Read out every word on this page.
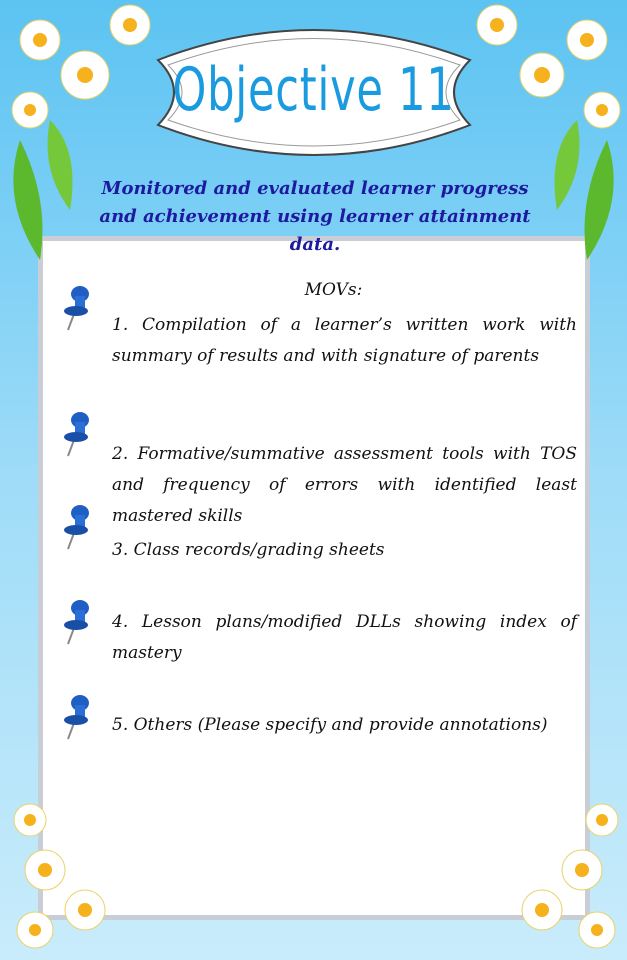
Objective 11
Monitored and evaluated learner progress and achievement using learner attainment data.
MOVs:
1. Compilation of a learner’s written work with summary of results and with signature of parents
2. Formative/summative assessment tools with TOS and frequency of errors with identified least mastered skills
3. Class records/grading sheets
4. Lesson plans/modified DLLs showing index of mastery
5. Others (Please specify and provide annotations)
